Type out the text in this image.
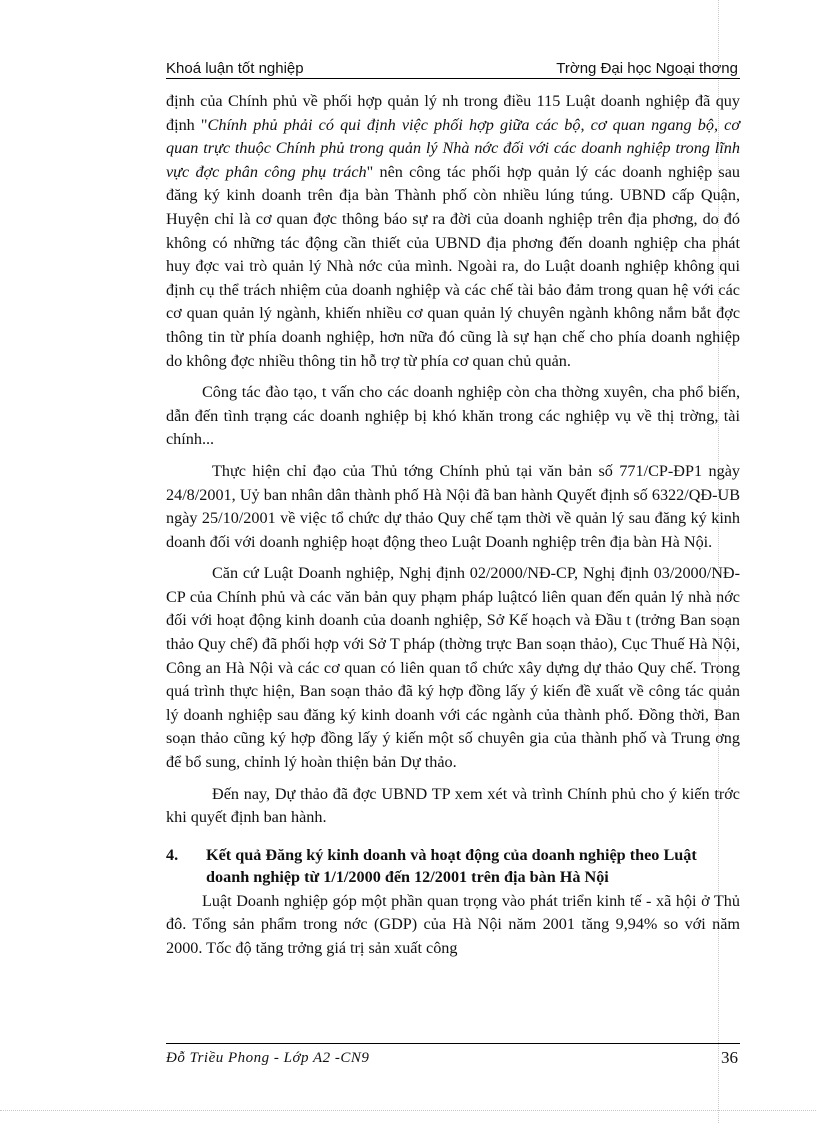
Khoá luận tốt nghiệp	Trờng Đại học Ngoại thơng

định của Chính phủ về phối hợp quản lý nh trong điều 115 Luật doanh nghiệp đã quy định "Chính phủ phải có qui định việc phối hợp giữa các bộ, cơ quan ngang bộ, cơ quan trực thuộc Chính phủ trong quản lý Nhà nớc đối với các doanh nghiệp trong lĩnh vực đợc phân công phụ trách" nên công tác phối hợp quản lý các doanh nghiệp sau đăng ký kinh doanh trên địa bàn Thành phố còn nhiều lúng túng. UBND cấp Quận, Huyện chỉ là cơ quan đợc thông báo sự ra đời của doanh nghiệp trên địa phơng, do đó không có những tác động cần thiết của UBND địa phơng đến doanh nghiệp cha phát huy đợc vai trò quản lý Nhà nớc của mình. Ngoài ra, do Luật doanh nghiệp không qui định cụ thể trách nhiệm của doanh nghiệp và các chế tài bảo đảm trong quan hệ với các cơ quan quản lý ngành, khiến nhiều cơ quan quản lý chuyên ngành không nắm bắt đợc thông tin từ phía doanh nghiệp, hơn nữa đó cũng là sự hạn chế cho phía doanh nghiệp do không đợc nhiều thông tin hỗ trợ từ phía cơ quan chủ quản.

Công tác đào tạo, t vấn cho các doanh nghiệp còn cha thờng xuyên, cha phổ biến, dẫn đến tình trạng các doanh nghiệp bị khó khăn trong các nghiệp vụ về thị trờng, tài chính...

Thực hiện chỉ đạo của Thủ tớng Chính phủ tại văn bản số 771/CP-ĐP1 ngày 24/8/2001, Uỷ ban nhân dân thành phố Hà Nội đã ban hành Quyết định số 6322/QĐ-UB ngày 25/10/2001 về việc tổ chức dự thảo Quy chế tạm thời về quản lý sau đăng ký kinh doanh đối với doanh nghiệp hoạt động theo Luật Doanh nghiệp trên địa bàn Hà Nội.

Căn cứ Luật Doanh nghiệp, Nghị định 02/2000/NĐ-CP, Nghị định 03/2000/NĐ-CP của Chính phủ và các văn bản quy phạm pháp luậtcó liên quan đến quản lý nhà nớc đối với hoạt động kinh doanh của doanh nghiệp, Sở Kế hoạch và Đầu t (trởng Ban soạn thảo Quy chế) đã phối hợp với Sở T pháp (thờng trực Ban soạn thảo), Cục Thuế Hà Nội, Công an Hà Nội và các cơ quan có liên quan tổ chức xây dựng dự thảo Quy chế. Trong quá trình thực hiện, Ban soạn thảo đã ký hợp đồng lấy ý kiến đề xuất về công tác quản lý doanh nghiệp sau đăng ký kinh doanh với các ngành của thành phố. Đồng thời, Ban soạn thảo cũng ký hợp đồng lấy ý kiến một số chuyên gia của thành phố và Trung ơng để bổ sung, chỉnh lý hoàn thiện bản Dự thảo.

Đến nay, Dự thảo đã đợc UBND TP xem xét và trình Chính phủ cho ý kiến trớc khi quyết định ban hành.

4.	Kết quả Đăng ký kinh doanh và hoạt động của doanh nghiệp theo Luật doanh nghiệp từ 1/1/2000 đến 12/2001 trên địa bàn Hà Nội

Luật Doanh nghiệp góp một phần quan trọng vào phát triển kinh tế - xã hội ở Thủ đô. Tổng sản phẩm trong nớc (GDP) của Hà Nội năm 2001 tăng 9,94% so với năm 2000. Tốc độ tăng trởng giá trị sản xuất công

Đỗ Triều Phong - Lớp A2 -CN9	36
